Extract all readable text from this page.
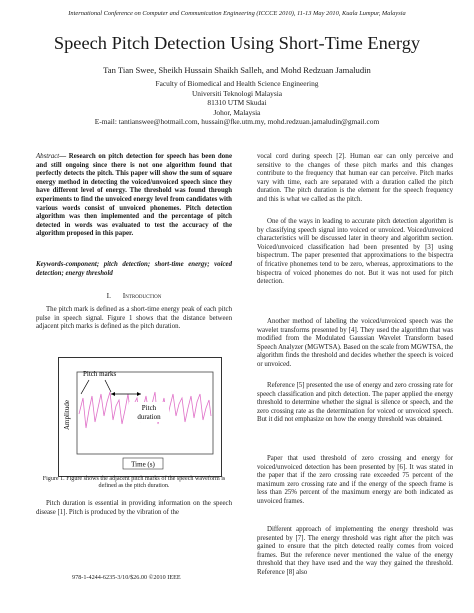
International Conference on Computer and Communication Engineering (ICCCE 2010), 11-13 May 2010, Kuala Lumpur, Malaysia
Speech Pitch Detection Using Short-Time Energy
Tan Tian Swee, Sheikh Hussain Shaikh Salleh, and Mohd Redzuan Jamaludin
Faculty of Biomedical and Health Science Engineering
Universiti Teknologi Malaysia
81310 UTM Skudai
Johor, Malaysia
E-mail: tantianswee@hotmail.com, hussain@fke.utm.my, mohd.redzuan.jamaludin@gmail.com
Abstract— Research on pitch detection for speech has been done and still ongoing since there is not one algorithm found that perfectly detects the pitch. This paper will show the sum of square energy method in detecting the voiced/unvoiced speech since they have different level of energy. The threshold was found through experiments to find the unvoiced energy level from candidates with various words consist of unvoiced phonemes. Pitch detection algorithm was then implemented and the percentage of pitch detected in words was evaluated to test the accuracy of the algorithm proposed in this paper.
Keywords-component; pitch detection; short-time energy; voiced detection; energy threshold
I. Introduction
The pitch mark is defined as a short-time energy peak of each pitch pulse in speech signal. Figure 1 shows that the distance between adjacent pitch marks is defined as the pitch duration.
Pitch marks
Pitch
duration
Amplitude
Time (s)
Figure 1. Figure shows the adjacent pitch marks of the speech waveform is defined as the pitch duration.
Pitch duration is essential in providing information on the speech disease [1]. Pitch is produced by the vibration of the
vocal cord during speech [2]. Human ear can only perceive and sensitive to the changes of these pitch marks and this changes contribute to the frequency that human ear can perceive. Pitch marks vary with time, each are separated with a duration called the pitch duration. The pitch duration is the element for the speech frequency and this is what we called as the pitch.
One of the ways in leading to accurate pitch detection algorithm is by classifying speech signal into voiced or unvoiced. Voiced/unvoiced characteristics will be discussed later in theory and algorithm section. Voiced/unvoiced classification had been presented by [3] using bispectrum. The paper presented that approximations to the bispectra of fricative phonemes tend to be zero, whereas, approximations to the bispectra of voiced phonemes do not. But it was not used for pitch detection.
Another method of labeling the voiced/unvoiced speech was the wavelet transforms presented by [4]. They used the algorithm that was modified from the Modulated Gaussian Wavelet Transform based Speech Analyzer (MGWTSA). Based on the scale from MGWTSA, the algorithm finds the threshold and decides whether the speech is voiced or unvoiced.
Reference [5] presented the use of energy and zero crossing rate for speech classification and pitch detection. The paper applied the energy threshold to determine whether the signal is silence or speech, and the zero crossing rate as the determination for voiced or unvoiced speech. But it did not emphasize on how the energy threshold was obtained.
Paper that used threshold of zero crossing and energy for voiced/unvoiced detection has been presented by [6]. It was stated in the paper that if the zero crossing rate exceeded 75 percent of the maximum zero crossing rate and if the energy of the speech frame is less than 25% percent of the maximum energy are both indicated as unvoiced frames.
Different approach of implementing the energy threshold was presented by [7]. The energy threshold was right after the pitch was gained to ensure that the pitch detected really comes from voiced frames. But the reference never mentioned the value of the energy threshold that they have used and the way they gained the threshold. Reference [8] also
978-1-4244-6235-3/10/$26.00 ©2010 IEEE
